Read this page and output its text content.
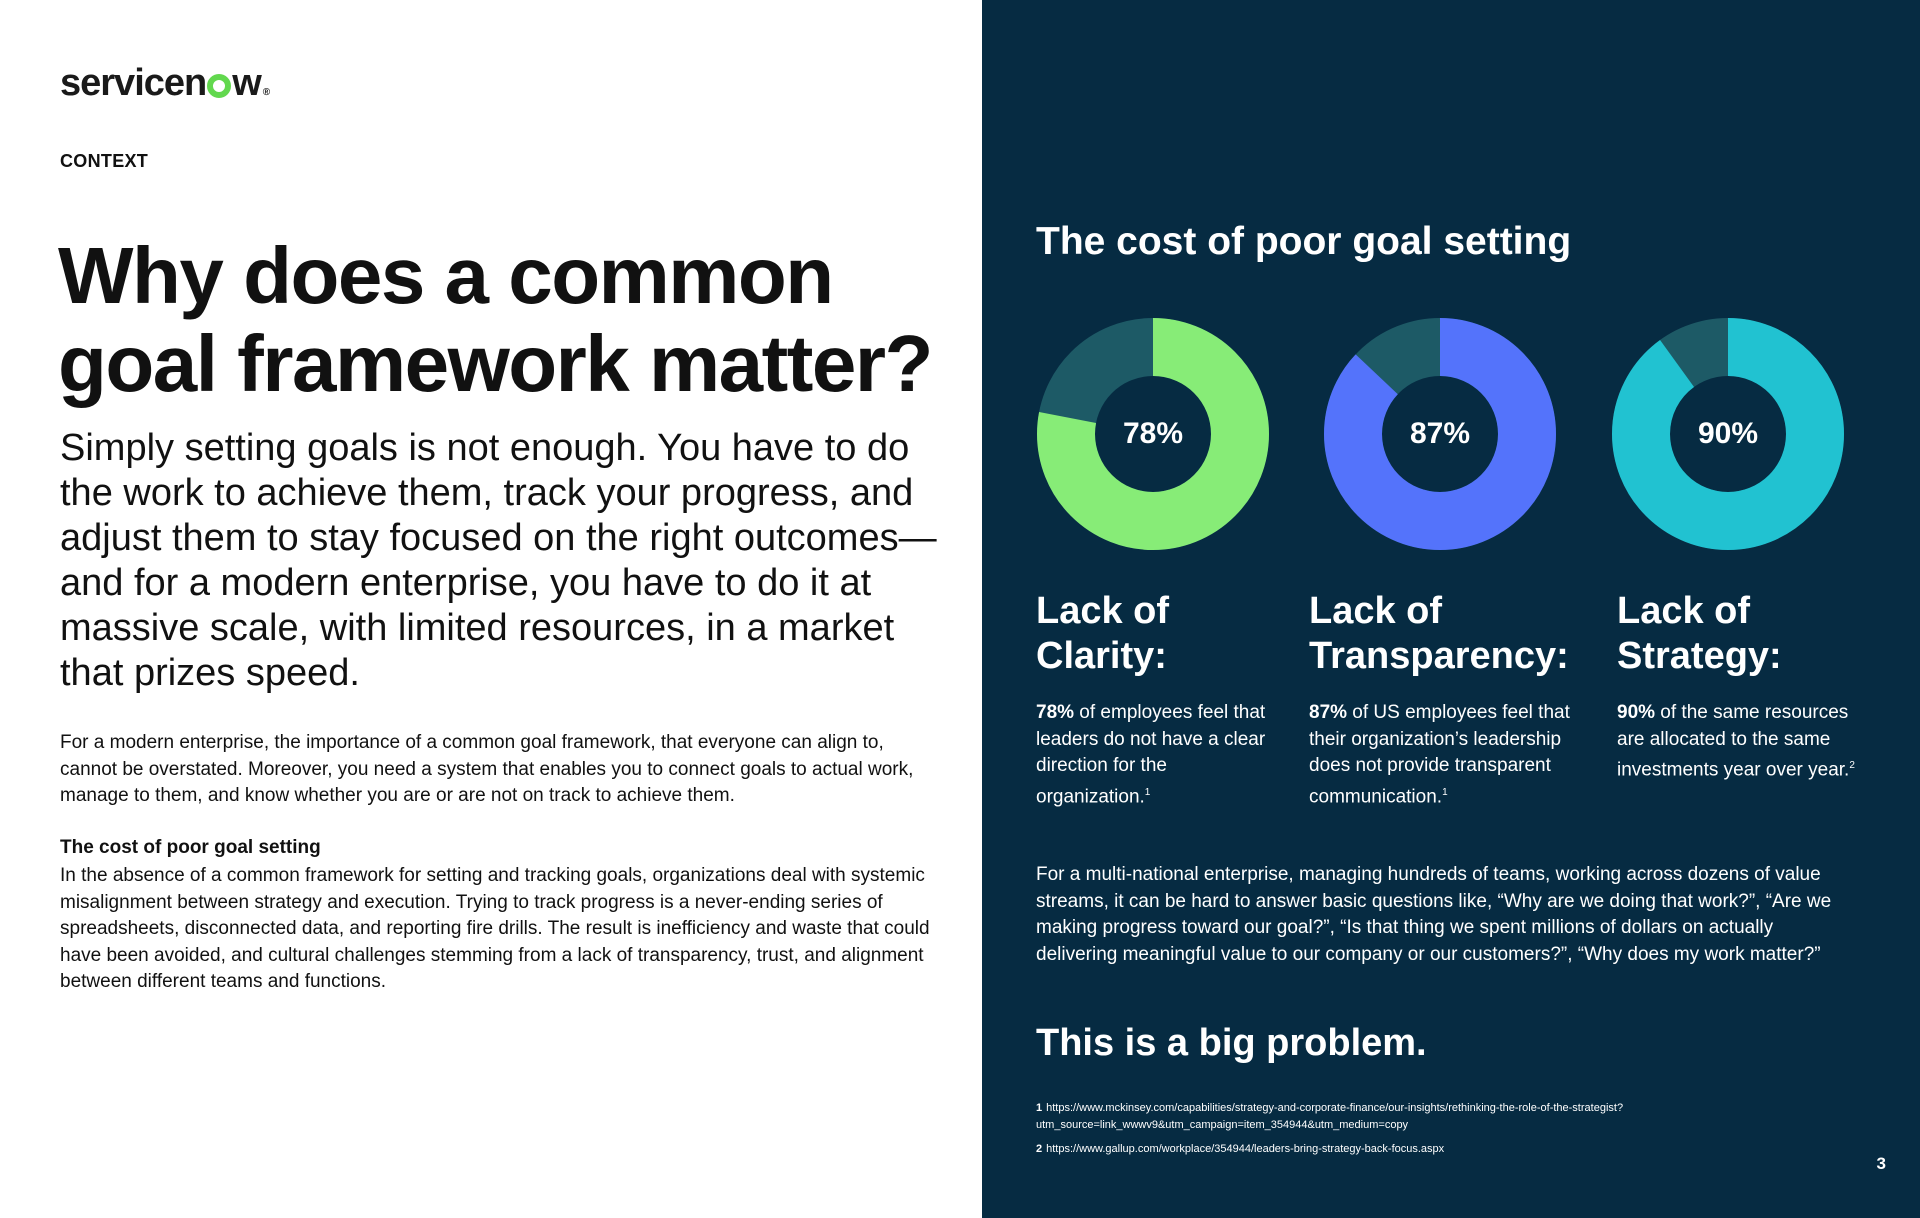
servicen w ®
CONTEXT
Why does a common goal framework matter?

Simply setting goals is not enough. You have to do the work to achieve them, track your progress, and adjust them to stay focused on the right outcomes—and for a modern enterprise, you have to do it at massive scale, with limited resources, in a market that prizes speed.

For a modern enterprise, the importance of a common goal framework, that everyone can align to, cannot be overstated. Moreover, you need a system that enables you to connect goals to actual work, manage to them, and know whether you are or are not on track to achieve them.

The cost of poor goal setting

In the absence of a common framework for setting and tracking goals, organizations deal with systemic misalignment between strategy and execution. Trying to track progress is a never-ending series of spreadsheets, disconnected data, and reporting fire drills. The result is inefficiency and waste that could have been avoided, and cultural challenges stemming from a lack of transparency, trust, and alignment between different teams and functions.

The cost of poor goal setting
78%	87%	90%
Lack of
Clarity:
Lack of
Transparency:
Lack of
Strategy:

78% of employees feel that leaders do not have a clear direction for the organization.$^1$

87% of US employees feel that their organization’s leadership does not provide transparent communication.$^1$

90% of the same resources are allocated to the same investments year over year.$^2$

For a multi-national enterprise, managing hundreds of teams, working across dozens of value streams, it can be hard to answer basic questions like, “Why are we doing that work?”, “Are we making progress toward our goal?”, “Is that thing we spent millions of dollars on actually delivering meaningful value to our company or our customers?”, “Why does my work matter?”

This is a big problem.

1 https://www.mckinsey.com/capabilities/strategy-and-corporate-finance/our-insights/rethinking-the-role-of-the-strategist?utm_source=link_wwwv9&utm_campaign=item_354944&utm_medium=copy

2 https://www.gallup.com/workplace/354944/leaders-bring-strategy-back-focus.aspx

3
